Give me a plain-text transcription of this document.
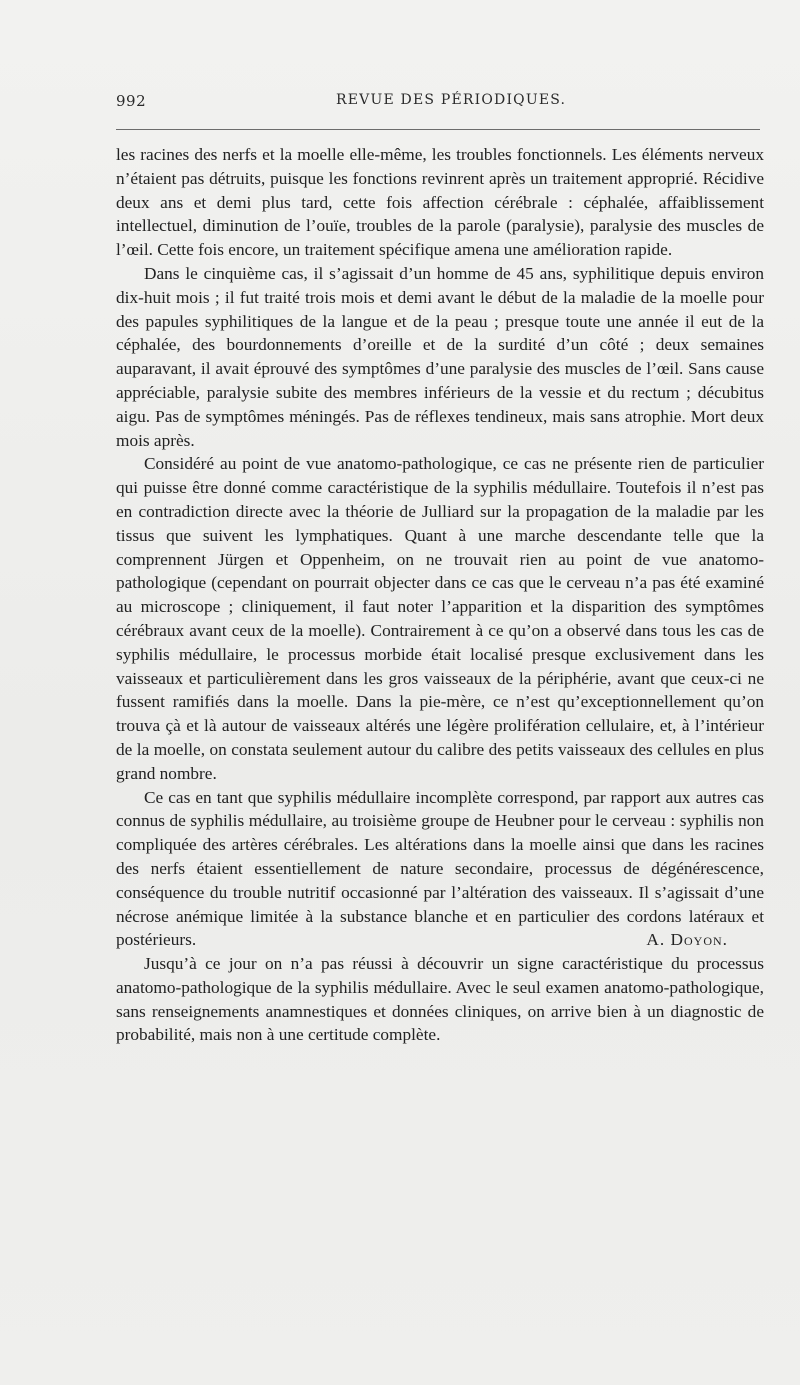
992	REVUE DES PÉRIODIQUES.

les racines des nerfs et la moelle elle-même, les troubles fonctionnels. Les éléments nerveux n’étaient pas détruits, puisque les fonctions revinrent après un traitement approprié. Récidive deux ans et demi plus tard, cette fois affection cérébrale : céphalée, affaiblissement intellectuel, diminution de l’ouïe, troubles de la parole (paralysie), paralysie des muscles de l’œil. Cette fois encore, un traitement spécifique amena une amélioration rapide.

Dans le cinquième cas, il s’agissait d’un homme de 45 ans, syphilitique depuis environ dix-huit mois ; il fut traité trois mois et demi avant le début de la maladie de la moelle pour des papules syphilitiques de la langue et de la peau ; presque toute une année il eut de la céphalée, des bourdonnements d’oreille et de la surdité d’un côté ; deux semaines auparavant, il avait éprouvé des symptômes d’une paralysie des muscles de l’œil. Sans cause appréciable, paralysie subite des membres inférieurs de la vessie et du rectum ; décubitus aigu. Pas de symptômes méningés. Pas de réflexes tendineux, mais sans atrophie. Mort deux mois après.

Considéré au point de vue anatomo-pathologique, ce cas ne présente rien de particulier qui puisse être donné comme caractéristique de la syphilis médullaire. Toutefois il n’est pas en contradiction directe avec la théorie de Julliard sur la propagation de la maladie par les tissus que suivent les lymphatiques. Quant à une marche descendante telle que la comprennent Jürgen et Oppenheim, on ne trouvait rien au point de vue anatomo-pathologique (cependant on pourrait objecter dans ce cas que le cerveau n’a pas été examiné au microscope ; cliniquement, il faut noter l’apparition et la disparition des symptômes cérébraux avant ceux de la moelle). Contrairement à ce qu’on a observé dans tous les cas de syphilis médullaire, le processus morbide était localisé presque exclusivement dans les vaisseaux et particulièrement dans les gros vaisseaux de la périphérie, avant que ceux-ci ne fussent ramifiés dans la moelle. Dans la pie-mère, ce n’est qu’exceptionnellement qu’on trouva çà et là autour de vaisseaux altérés une légère prolifération cellulaire, et, à l’intérieur de la moelle, on constata seulement autour du calibre des petits vaisseaux des cellules en plus grand nombre.

Ce cas en tant que syphilis médullaire incomplète correspond, par rapport aux autres cas connus de syphilis médullaire, au troisième groupe de Heubner pour le cerveau : syphilis non compliquée des artères cérébrales. Les altérations dans la moelle ainsi que dans les racines des nerfs étaient essentiellement de nature secondaire, processus de dégénérescence, conséquence du trouble nutritif occasionné par l’altération des vaisseaux. Il s’agissait d’une nécrose anémique limitée à la substance blanche et en particulier des cordons latéraux et postérieurs.

Jusqu’à ce jour on n’a pas réussi à découvrir un signe caractéristique du processus anatomo-pathologique de la syphilis médullaire. Avec le seul examen anatomo-pathologique, sans renseignements anamnestiques et données cliniques, on arrive bien à un diagnostic de probabilité, mais non à une certitude complète.

A. Doyon.
